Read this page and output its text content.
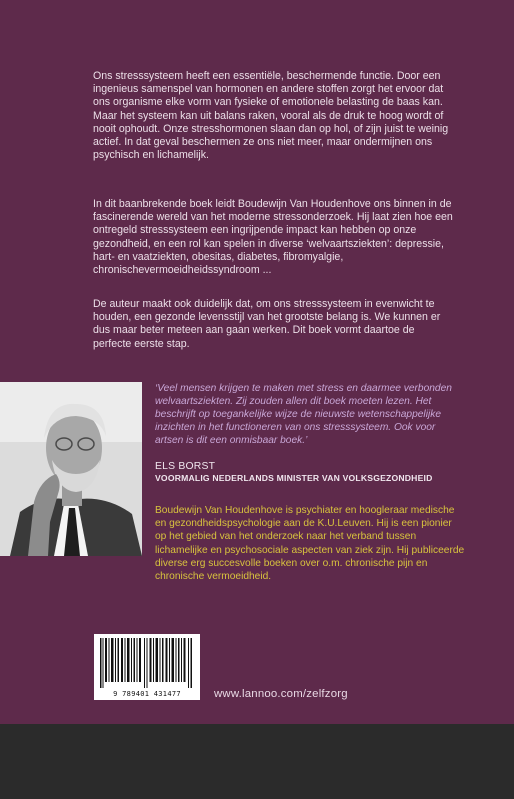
Ons stresssysteem heeft een essentiële, beschermende functie. Door een ingenieus samenspel van hormonen en andere stoffen zorgt het ervoor dat ons organisme elke vorm van fysieke of emotionele belasting de baas kan. Maar het systeem kan uit balans raken, vooral als de druk te hoog wordt of nooit ophoudt. Onze stresshormonen slaan dan op hol, of zijn juist te weinig actief. In dat geval beschermen ze ons niet meer, maar ondermijnen ons psychisch en lichamelijk.

In dit baanbrekende boek leidt Boudewijn Van Houdenhove ons binnen in de fascinerende wereld van het moderne stressonderzoek. Hij laat zien hoe een ontregeld stresssysteem een ingrijpende impact kan hebben op onze gezondheid, en een rol kan spelen in diverse ‘welvaartsziekten’: depressie, hart- en vaatziekten, obesitas, diabetes, fibromyalgie, chronischevermoeidheidssyndroom ...

De auteur maakt ook duidelijk dat, om ons stresssysteem in evenwicht te houden, een gezonde levensstijl van het grootste belang is. We kunnen er dus maar beter meteen aan gaan werken. Dit boek vormt daartoe de perfecte eerste stap.

‘Veel mensen krijgen te maken met stress en daarmee verbonden welvaartsziekten. Zij zouden allen dit boek moeten lezen. Het beschrijft op toegankelijke wijze de nieuwste wetenschappelijke inzichten in het functioneren van ons stresssysteem. Ook voor artsen is dit een onmisbaar boek.’

ELS BORST
VOORMALIG NEDERLANDS MINISTER VAN VOLKSGEZONDHEID

Boudewijn Van Houdenhove is psychiater en hoogleraar medische en gezondheidspsychologie aan de K.U.Leuven. Hij is een pionier op het gebied van het onderzoek naar het verband tussen lichamelijke en psychosociale aspecten van ziek zijn. Hij publiceerde diverse erg succesvolle boeken over o.m. chronische pijn en chronische vermoeidheid.

9 789401 431477	www.lannoo.com/zelfzorg
